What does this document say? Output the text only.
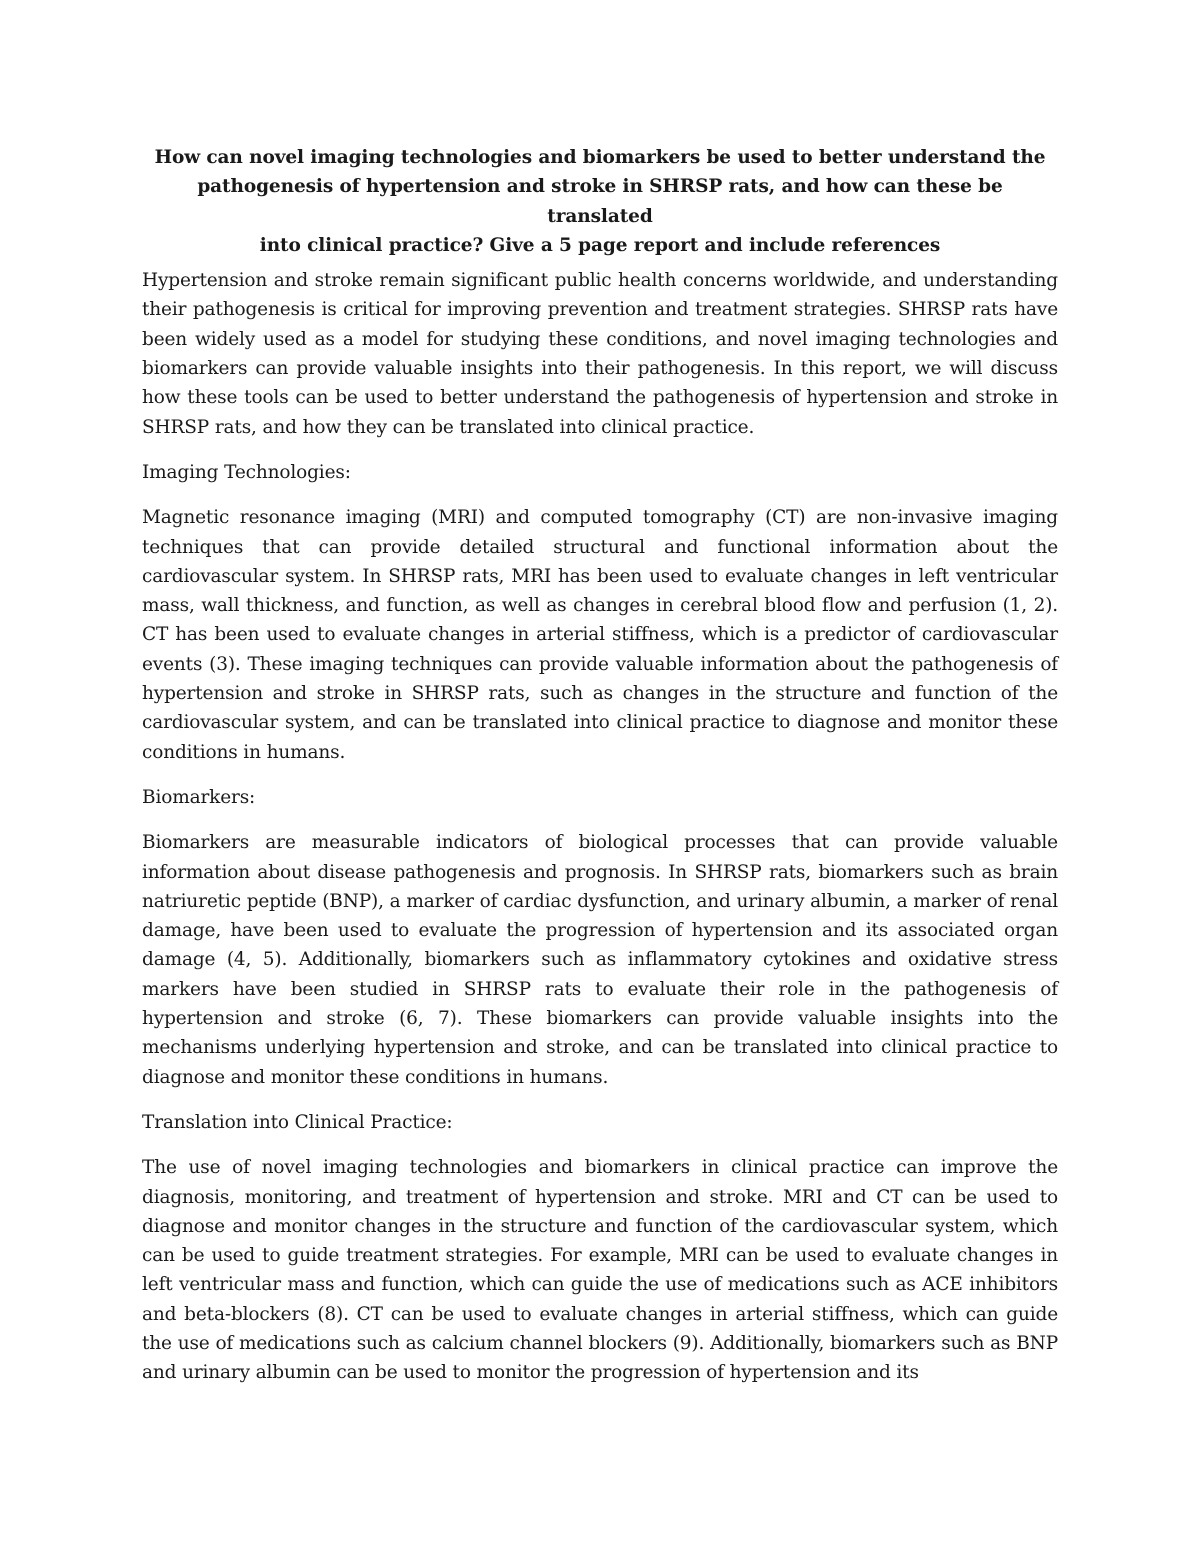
How can novel imaging technologies and biomarkers be used to better understand the
pathogenesis of hypertension and stroke in SHRSP rats, and how can these be translated
into clinical practice? Give a 5 page report and include references

Hypertension and stroke remain significant public health concerns worldwide, and understanding their pathogenesis is critical for improving prevention and treatment strategies. SHRSP rats have been widely used as a model for studying these conditions, and novel imaging technologies and biomarkers can provide valuable insights into their pathogenesis. In this report, we will discuss how these tools can be used to better understand the pathogenesis of hypertension and stroke in SHRSP rats, and how they can be translated into clinical practice.

Imaging Technologies:

Magnetic resonance imaging (MRI) and computed tomography (CT) are non-invasive imaging techniques that can provide detailed structural and functional information about the cardiovascular system. In SHRSP rats, MRI has been used to evaluate changes in left ventricular mass, wall thickness, and function, as well as changes in cerebral blood flow and perfusion (1, 2). CT has been used to evaluate changes in arterial stiffness, which is a predictor of cardiovascular events (3). These imaging techniques can provide valuable information about the pathogenesis of hypertension and stroke in SHRSP rats, such as changes in the structure and function of the cardiovascular system, and can be translated into clinical practice to diagnose and monitor these conditions in humans.

Biomarkers:

Biomarkers are measurable indicators of biological processes that can provide valuable information about disease pathogenesis and prognosis. In SHRSP rats, biomarkers such as brain natriuretic peptide (BNP), a marker of cardiac dysfunction, and urinary albumin, a marker of renal damage, have been used to evaluate the progression of hypertension and its associated organ damage (4, 5). Additionally, biomarkers such as inflammatory cytokines and oxidative stress markers have been studied in SHRSP rats to evaluate their role in the pathogenesis of hypertension and stroke (6, 7). These biomarkers can provide valuable insights into the mechanisms underlying hypertension and stroke, and can be translated into clinical practice to diagnose and monitor these conditions in humans.

Translation into Clinical Practice:

The use of novel imaging technologies and biomarkers in clinical practice can improve the diagnosis, monitoring, and treatment of hypertension and stroke. MRI and CT can be used to diagnose and monitor changes in the structure and function of the cardiovascular system, which can be used to guide treatment strategies. For example, MRI can be used to evaluate changes in left ventricular mass and function, which can guide the use of medications such as ACE inhibitors and beta-blockers (8). CT can be used to evaluate changes in arterial stiffness, which can guide the use of medications such as calcium channel blockers (9). Additionally, biomarkers such as BNP and urinary albumin can be used to monitor the progression of hypertension and its
